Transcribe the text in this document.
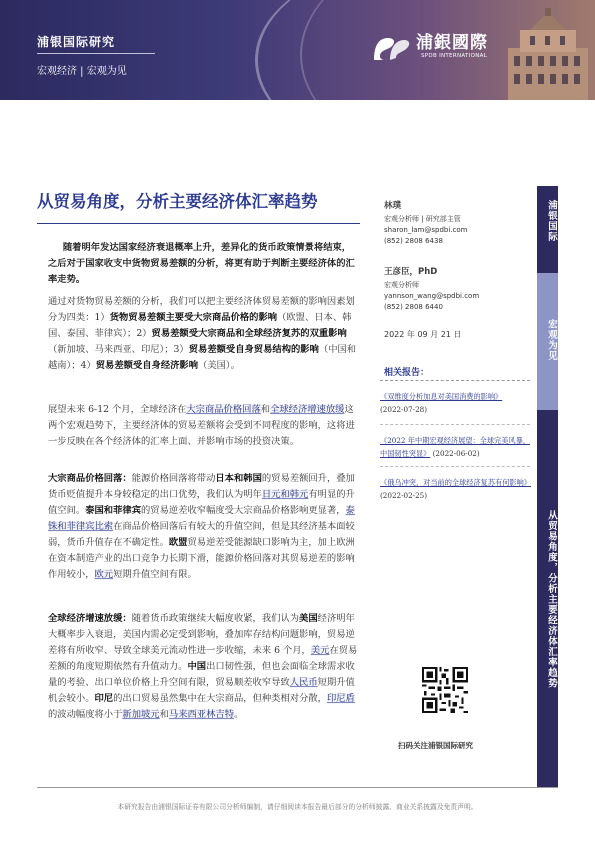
浦银国际研究
宏观经济 | 宏观为见
浦銀國際
SPDB INTERNATIONAL
从贸易角度，分析主要经济体汇率趋势
随着明年发达国家经济衰退概率上升，差异化的货币政策情景将结束，之后对于国家收支中货物贸易差额的分析，将更有助于判断主要经济体的汇率走势。
通过对货物贸易差额的分析，我们可以把主要经济体贸易差额的影响因素划分为四类：1）货物贸易差额主要受大宗商品价格的影响（欧盟、日本、韩国、泰国、菲律宾）；2）贸易差额受大宗商品和全球经济复苏的双重影响（新加坡、马来西亚、印尼）；3）贸易差额受自身贸易结构的影响（中国和越南）；4）贸易差额受自身经济影响（美国）。
展望未来 6-12 个月，全球经济在大宗商品价格回落和全球经济增速放缓这两个宏观趋势下，主要经济体的贸易差额将会受到不同程度的影响，这将进一步反映在各个经济体的汇率上面、并影响市场的投资决策。
大宗商品价格回落：能源价格回落将带动日本和韩国的贸易差额回升，叠加货币贬值提升本身较稳定的出口优势，我们认为明年日元和韩元有明显的升值空间。泰国和菲律宾的贸易逆差收窄幅度受大宗商品价格影响更显著，泰铢和菲律宾比索在商品价格回落后有较大的升值空间，但是其经济基本面较弱，货币升值存在不确定性。欧盟贸易逆差受能源缺口影响为主，加上欧洲在资本制造产业的出口竞争力长期下滑，能源价格回落对其贸易逆差的影响作用较小，欧元短期升值空间有限。
全球经济增速放缓：随着货币政策继续大幅度收紧，我们认为美国经济明年大概率步入衰退，美国内需必定受到影响，叠加库存结构问题影响，贸易逆差将有所收窄、导致全球美元流动性进一步收缩，未来 6 个月，美元在贸易差额的角度短期依然有升值动力。中国出口韧性强，但也会面临全球需求收量的考验、出口单位价格上升空间有限，贸易顺差收窄导致人民币短期升值机会较小。印尼的出口贸易虽然集中在大宗商品，但种类相对分散，印尼盾的波动幅度将小于新加坡元和马来西亚林吉特。
林璞
宏观分析师 | 研究部主管
sharon_lam@spdbi.com
(852) 2808 6438
王彦臣，PhD
宏观分析师
yannson_wang@spdbi.com
(852) 2808 6440
2022 年 09 月 21 日
相关报告：
《双维度分析加息对美国消费的影响》
(2022-07-28)
《2022 年中期宏观经济展望：全球完美风暴，中国韧性突显》 (2022-06-02)
《俄乌冲突，对当前的全球经济复苏有何影响》 (2022-02-25)
扫码关注浦银国际研究
浦银国际
宏观为见
从贸易角度，分析主要经济体汇率趋势
本研究报告由浦银国际证券有限公司分析师编制，请仔细阅读本报告最后部分的分析师披露、商业关系披露及免责声明。
